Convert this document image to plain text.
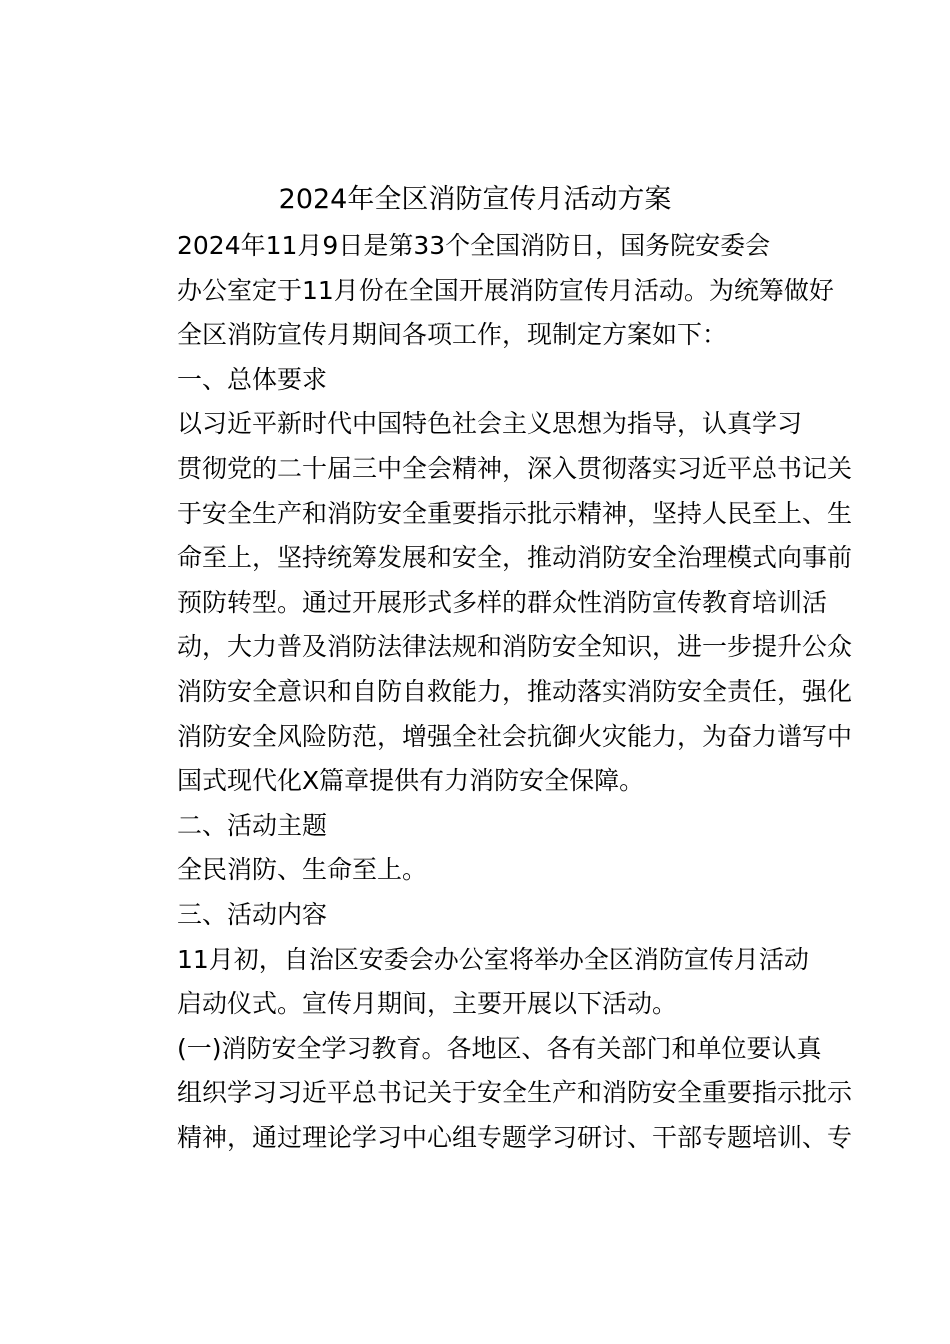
2024年全区消防宣传月活动方案

2024年11月9日是第33个全国消防日，国务院安委会
办公室定于11月份在全国开展消防宣传月活动。为统筹做好
全区消防宣传月期间各项工作，现制定方案如下：

一、总体要求

以习近平新时代中国特色社会主义思想为指导，认真学习
贯彻党的二十届三中全会精神，深入贯彻落实习近平总书记关
于安全生产和消防安全重要指示批示精神，坚持人民至上、生
命至上，坚持统筹发展和安全，推动消防安全治理模式向事前
预防转型。通过开展形式多样的群众性消防宣传教育培训活
动，大力普及消防法律法规和消防安全知识，进一步提升公众
消防安全意识和自防自救能力，推动落实消防安全责任，强化
消防安全风险防范，增强全社会抗御火灾能力，为奋力谱写中
国式现代化X篇章提供有力消防安全保障。

二、活动主题

全民消防、生命至上。

三、活动内容

11月初，自治区安委会办公室将举办全区消防宣传月活动
启动仪式。宣传月期间，主要开展以下活动。

(一)消防安全学习教育。各地区、各有关部门和单位要认真
组织学习习近平总书记关于安全生产和消防安全重要指示批示
精神，通过理论学习中心组专题学习研讨、干部专题培训、专
